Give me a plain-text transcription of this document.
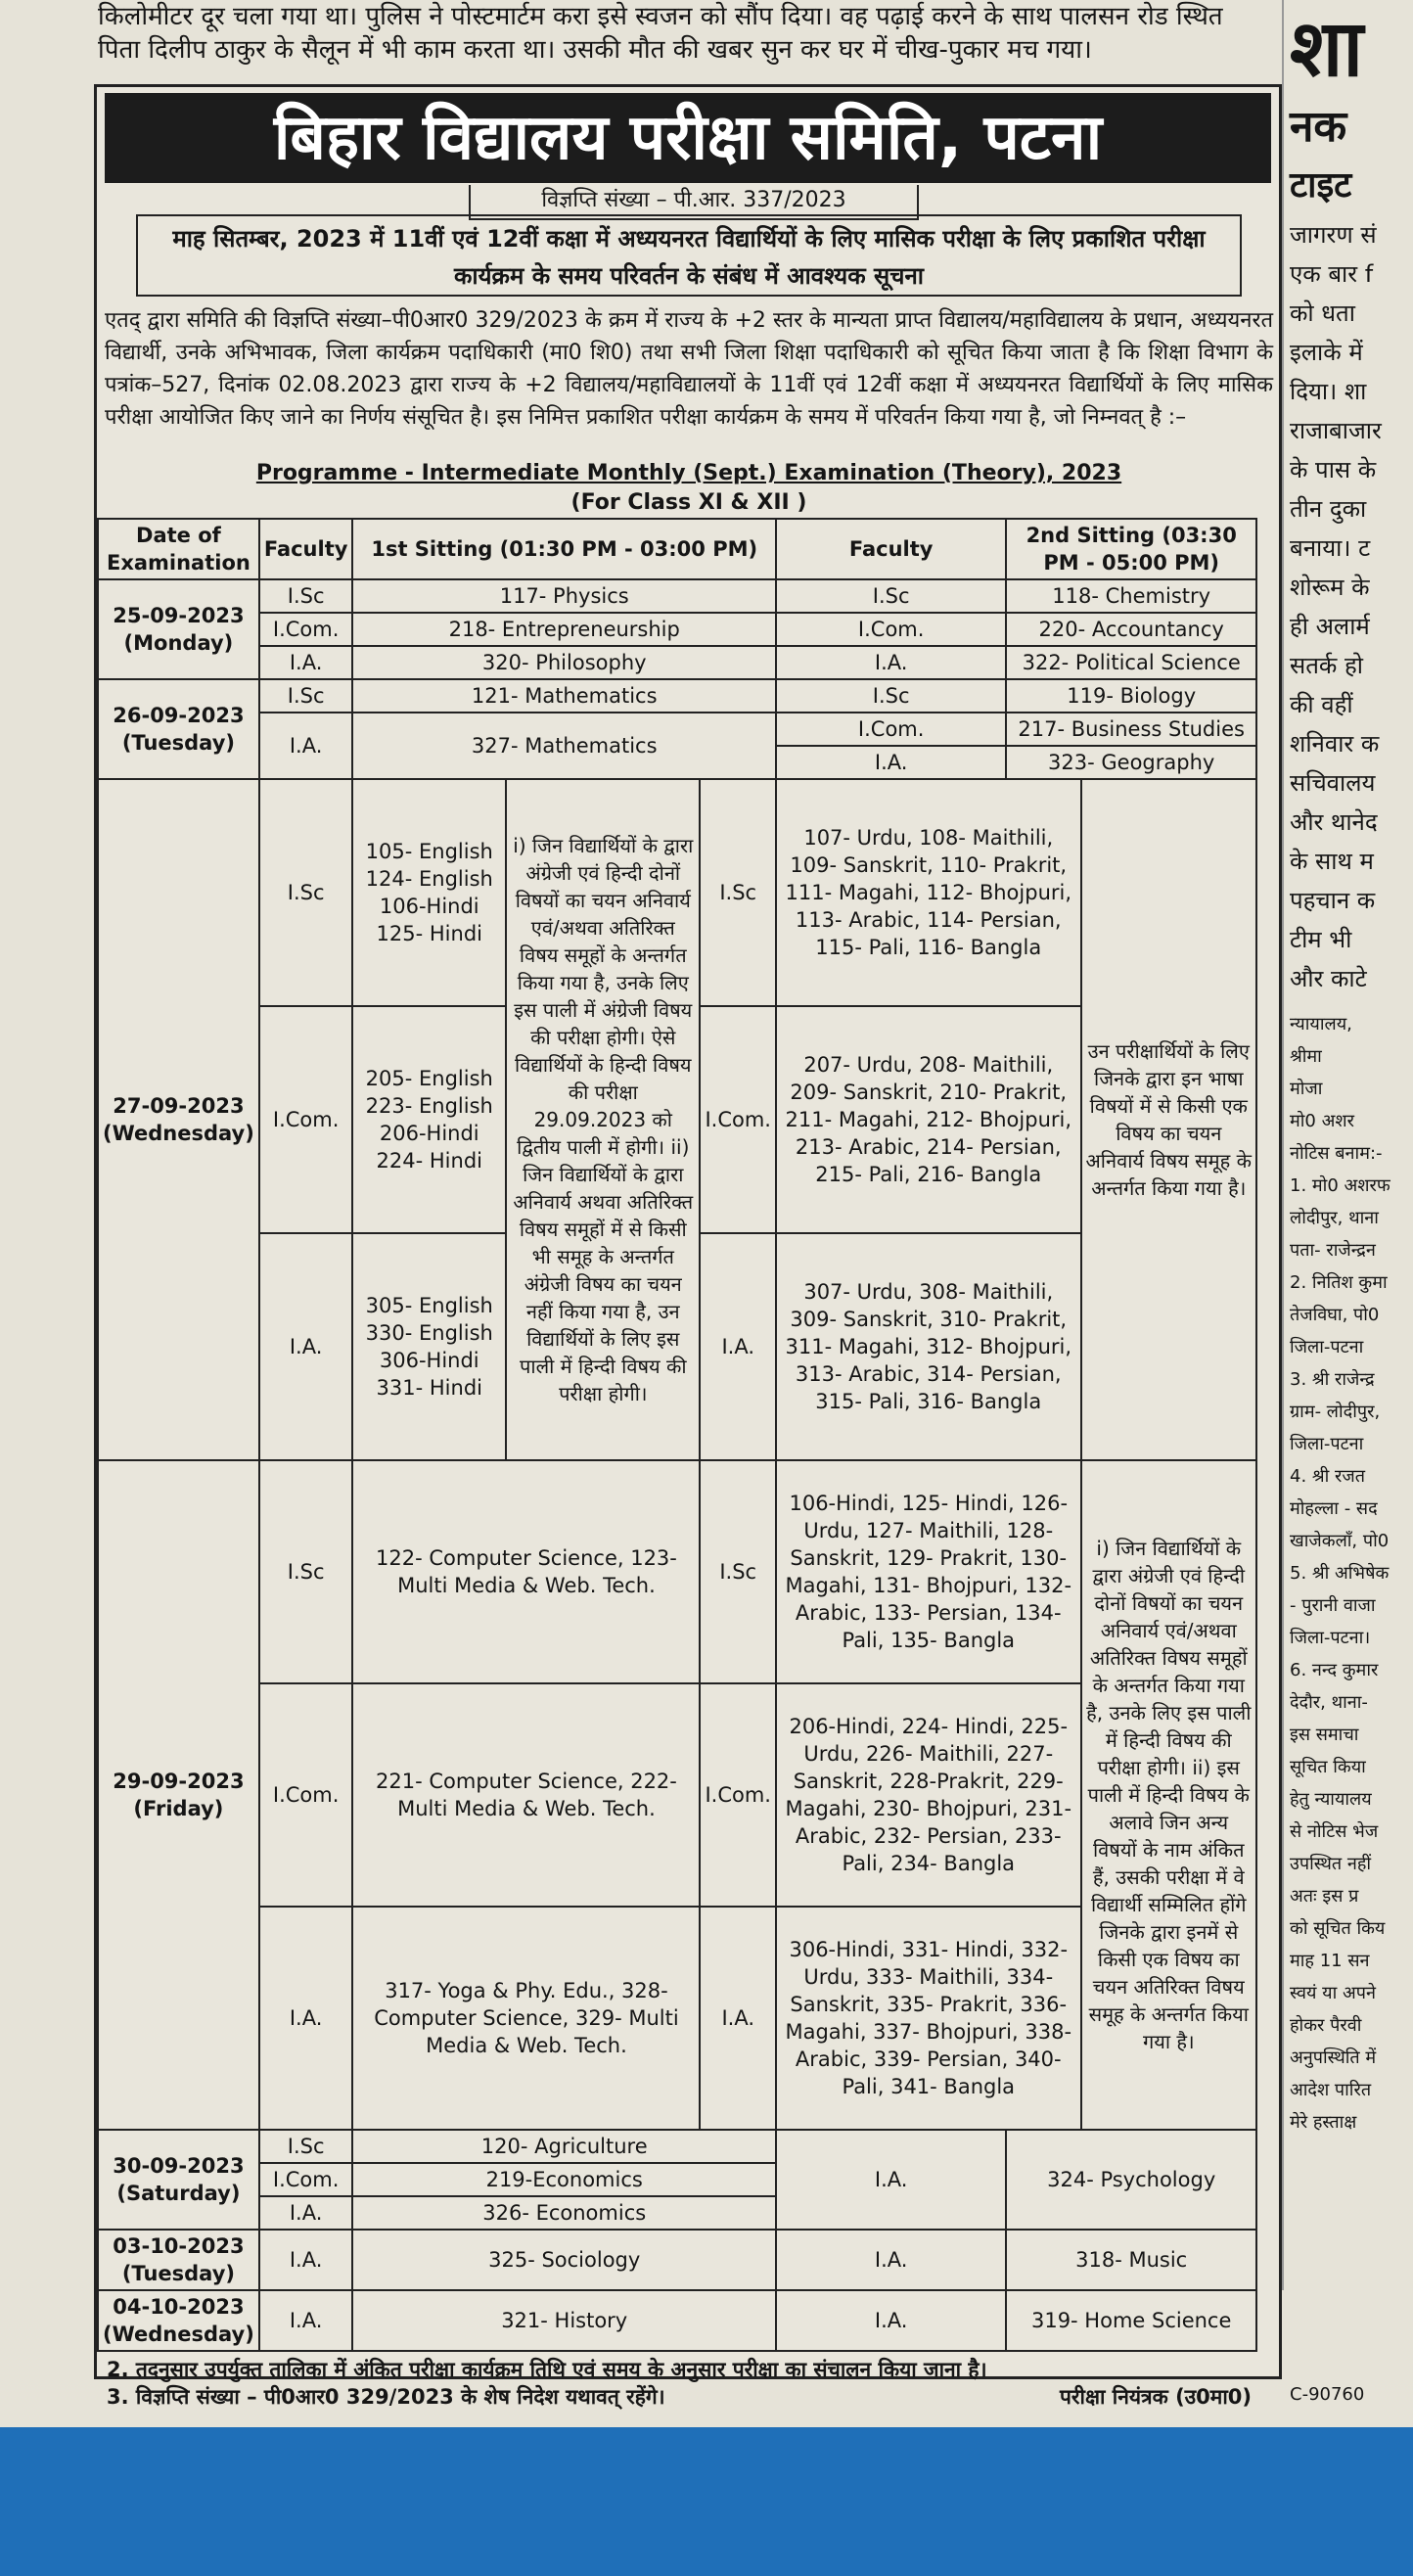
किलोमीटर दूर चला गया था। पुलिस ने पोस्टमार्टम करा इसे स्वजन को सौंप दिया। वह पढ़ाई करने के साथ पालसन रोड स्थित
पिता दिलीप ठाकुर के सैलून में भी काम करता था। उसकी मौत की खबर सुन कर घर में चीख-पुकार मच गया।
बिहार विद्यालय परीक्षा समिति, पटना
विज्ञप्ति संख्या – पी.आर. 337/2023
माह सितम्बर, 2023 में 11वीं एवं 12वीं कक्षा में अध्ययनरत विद्यार्थियों के लिए मासिक परीक्षा के लिए प्रकाशित परीक्षा कार्यक्रम के समय परिवर्तन के संबंध में आवश्यक सूचना
एतद् द्वारा समिति की विज्ञप्ति संख्या–पी0आर0 329/2023 के क्रम में राज्य के +2 स्तर के मान्यता प्राप्त विद्यालय/महाविद्यालय के प्रधान, अध्ययनरत विद्यार्थी, उनके अभिभावक, जिला कार्यक्रम पदाधिकारी (मा0 शि0) तथा सभी जिला शिक्षा पदाधिकारी को सूचित किया जाता है कि शिक्षा विभाग के पत्रांक–527, दिनांक 02.08.2023 द्वारा राज्य के +2 विद्यालय/महाविद्यालयों के 11वीं एवं 12वीं कक्षा में अध्ययनरत विद्यार्थियों के लिए मासिक परीक्षा आयोजित किए जाने का निर्णय संसूचित है। इस निमित्त प्रकाशित परीक्षा कार्यक्रम के समय में परिवर्तन किया गया है, जो निम्नवत् है :–
Programme - Intermediate Monthly (Sept.) Examination (Theory), 2023
(For Class XI & XII )
Date of Examination	Faculty	1st Sitting (01:30 PM - 03:00 PM)			Faculty	2nd Sitting (03:30 PM - 05:00 PM)	
25-09-2023 (Monday)	I.Sc	117- Physics			I.Sc	118- Chemistry	
	I.Com.	218- Entrepreneurship			I.Com.	220- Accountancy	
	I.A.	320- Philosophy			I.A.	322- Political Science	
26-09-2023 (Tuesday)	I.Sc	121- Mathematics			I.Sc	119- Biology	
	I.A.	327- Mathematics			I.Com.	217- Business Studies	
					I.A.	323- Geography	
27-09-2023 (Wednesday)	I.Sc	105- English 124- English 106-Hindi 125- Hindi	i) जिन विद्यार्थियों के द्वारा अंग्रेजी एवं हिन्दी दोनों विषयों का चयन अनिवार्य एवं/अथवा अतिरिक्त विषय समूहों के अन्तर्गत किया गया है, उनके लिए इस पाली में अंग्रेजी विषय की परीक्षा होगी। ऐसे विद्यार्थियों के हिन्दी विषय की परीक्षा 29.09.2023 को द्वितीय पाली में होगी। ii) जिन विद्यार्थियों के द्वारा अनिवार्य अथवा अतिरिक्त विषय समूहों में से किसी भी समूह के अन्तर्गत अंग्रेजी विषय का चयन नहीं किया गया है, उन विद्यार्थियों के लिए इस पाली में हिन्दी विषय की परीक्षा होगी।	I.Sc	107- Urdu, 108- Maithili, 109- Sanskrit, 110- Prakrit, 111- Magahi, 112- Bhojpuri, 113- Arabic, 114- Persian, 115- Pali, 116- Bangla		उन परीक्षार्थियों के लिए जिनके द्वारा इन भाषा विषयों में से किसी एक विषय का चयन अनिवार्य विषय समूह के अन्तर्गत किया गया है।
	I.Com.	205- English 223- English 206-Hindi 224- Hindi		I.Com.	207- Urdu, 208- Maithili, 209- Sanskrit, 210- Prakrit, 211- Magahi, 212- Bhojpuri, 213- Arabic, 214- Persian, 215- Pali, 216- Bangla		
	I.A.	305- English 330- English 306-Hindi 331- Hindi		I.A.	307- Urdu, 308- Maithili, 309- Sanskrit, 310- Prakrit, 311- Magahi, 312- Bhojpuri, 313- Arabic, 314- Persian, 315- Pali, 316- Bangla		
29-09-2023 (Friday)	I.Sc	122- Computer Science, 123- Multi Media & Web. Tech.		I.Sc	106-Hindi, 125- Hindi, 126- Urdu, 127- Maithili, 128- Sanskrit, 129- Prakrit, 130- Magahi, 131- Bhojpuri, 132- Arabic, 133- Persian, 134- Pali, 135- Bangla		i) जिन विद्यार्थियों के द्वारा अंग्रेजी एवं हिन्दी दोनों विषयों का चयन अनिवार्य एवं/अथवा अतिरिक्त विषय समूहों के अन्तर्गत किया गया है, उनके लिए इस पाली में हिन्दी विषय की परीक्षा होगी। ii) इस पाली में हिन्दी विषय के अलावे जिन अन्य विषयों के नाम अंकित हैं, उसकी परीक्षा में वे विद्यार्थी सम्मिलित होंगे जिनके द्वारा इनमें से किसी एक विषय का चयन अतिरिक्त विषय समूह के अन्तर्गत किया गया है।
	I.Com.	221- Computer Science, 222- Multi Media & Web. Tech.		I.Com.	206-Hindi, 224- Hindi, 225- Urdu, 226- Maithili, 227- Sanskrit, 228-Prakrit, 229- Magahi, 230- Bhojpuri, 231- Arabic, 232- Persian, 233- Pali, 234- Bangla		
	I.A.	317- Yoga & Phy. Edu., 328- Computer Science, 329- Multi Media & Web. Tech.		I.A.	306-Hindi, 331- Hindi, 332- Urdu, 333- Maithili, 334- Sanskrit, 335- Prakrit, 336- Magahi, 337- Bhojpuri, 338- Arabic, 339- Persian, 340- Pali, 341- Bangla		
30-09-2023 (Saturday)	I.Sc	120- Agriculture			I.A.	324- Psychology	
	I.Com.	219-Economics					
	I.A.	326- Economics					
03-10-2023 (Tuesday)	I.A.	325- Sociology			I.A.	318- Music	
04-10-2023 (Wednesday)	I.A.	321- History			I.A.	319- Home Science	
2. तदनुसार उपर्युक्त तालिका में अंकित परीक्षा कार्यक्रम तिथि एवं समय के अनुसार परीक्षा का संचालन किया जाना है।
3. विज्ञप्ति संख्या – पी0आर0 329/2023 के शेष निदेश यथावत् रहेंगे।	परीक्षा नियंत्रक (उ0मा0)
शा
नक
टाइट
जागरण सं
एक बार f
को धता
इलाके में
दिया। शा
राजाबाजार
के पास के
तीन दुका
बनाया। ट
शोरूम के
ही अलार्म
सतर्क हो
की वहीं
शनिवार क
सचिवालय
और थानेद
के साथ म
पहचान क
टीम भी
और काटे
न्यायालय,
श्रीमा
मोजा
मो0 अशर
नोटिस बनाम:-
1. मो0 अशरफ
लोदीपुर, थाना
पता- राजेन्द्रन
2. नितिश कुमा
तेजविघा, पो0
जिला-पटना
3. श्री राजेन्द्र
ग्राम- लोदीपुर,
जिला-पटना
4. श्री रजत
मोहल्ला - सद
खाजेकलाँ, पो0
5. श्री अभिषेक
- पुरानी वाजा
जिला-पटना।
6. नन्द कुमार
देदौर, थाना-
इस समाचा
सूचित किया
हेतु न्यायालय
से नोटिस भेज
उपस्थित नहीं
अतः इस प्र
को सूचित किय
माह 11 सन
स्वयं या अपने
होकर पैरवी
अनुपस्थिति में
आदेश पारित
मेरे हस्ताक्ष
C-90760
